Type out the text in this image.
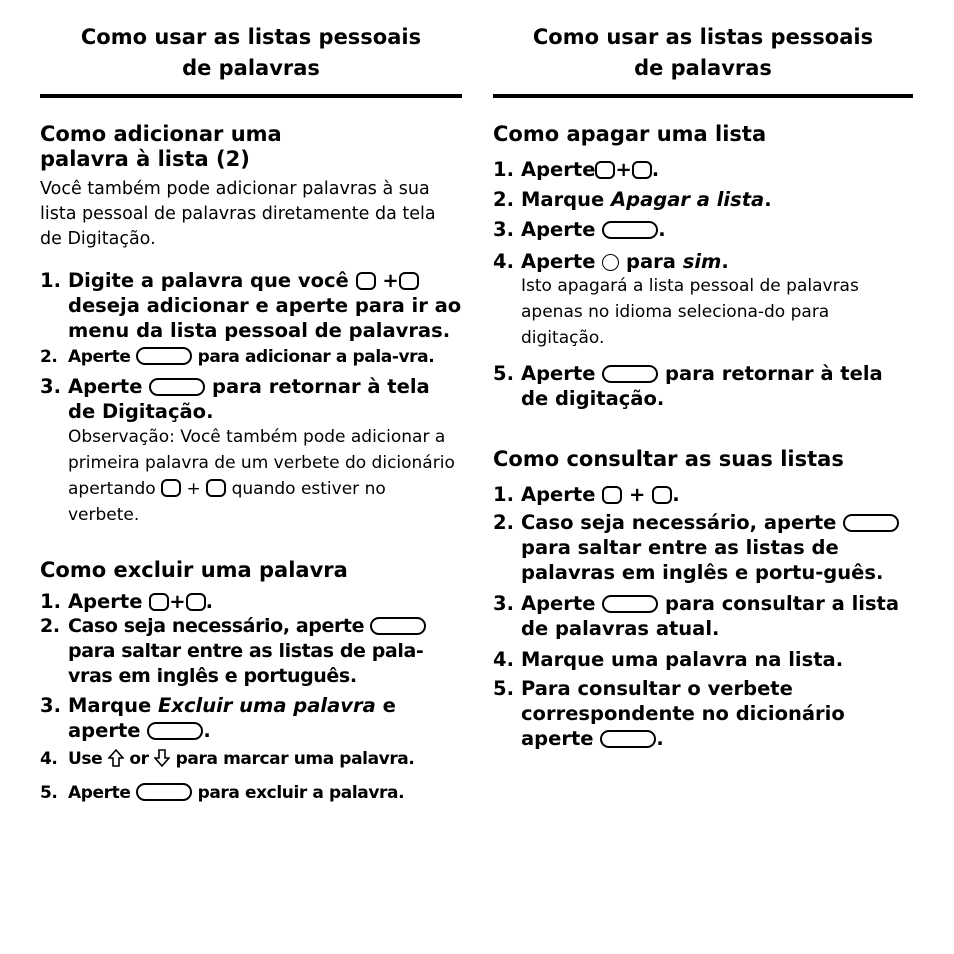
Como usar as listas pessoais
de palavras
Como adicionar uma
palavra à lista (2)

Você também pode adicionar palavras à sua lista pessoal de palavras diretamente da tela de Digitação.

1. Digite a palavra que você + deseja adicionar e aperte para ir ao menu da lista pessoal de palavras.
2. Aperte	para adicionar a pala-vra.
3. Aperte	para retornar à tela de Digitação.
Observação: Você também pode adicionar a primeira palavra de um verbete do dicionário apertando + quando estiver no verbete.
Como excluir uma palavra
1. Aperte + .
2. Caso seja necessário, aperte  para saltar entre as listas de pala-vras em inglês e português.
3. Marque Excluir uma palavra e aperte	.
4. Use or para marcar uma palavra.
5. Aperte	para excluir a palavra.
Como usar as listas pessoais
de palavras
Como apagar uma lista
1. Aperte + .
2. Marque Apagar a lista.
3. Aperte	.
4. Aperte para sim.
Isto apagará a lista pessoal de palavras apenas no idioma seleciona-do para digitação.
5. Aperte	para retornar à tela de digitação.
Como consultar as suas listas
1. Aperte + .
2. Caso seja necessário, aperte  para saltar entre as listas de palavras em inglês e portu-guês.
3. Aperte	para consultar a lista de palavras atual.
4. Marque uma palavra na lista.
5. Para consultar o verbete correspondente no dicionário aperte	.
